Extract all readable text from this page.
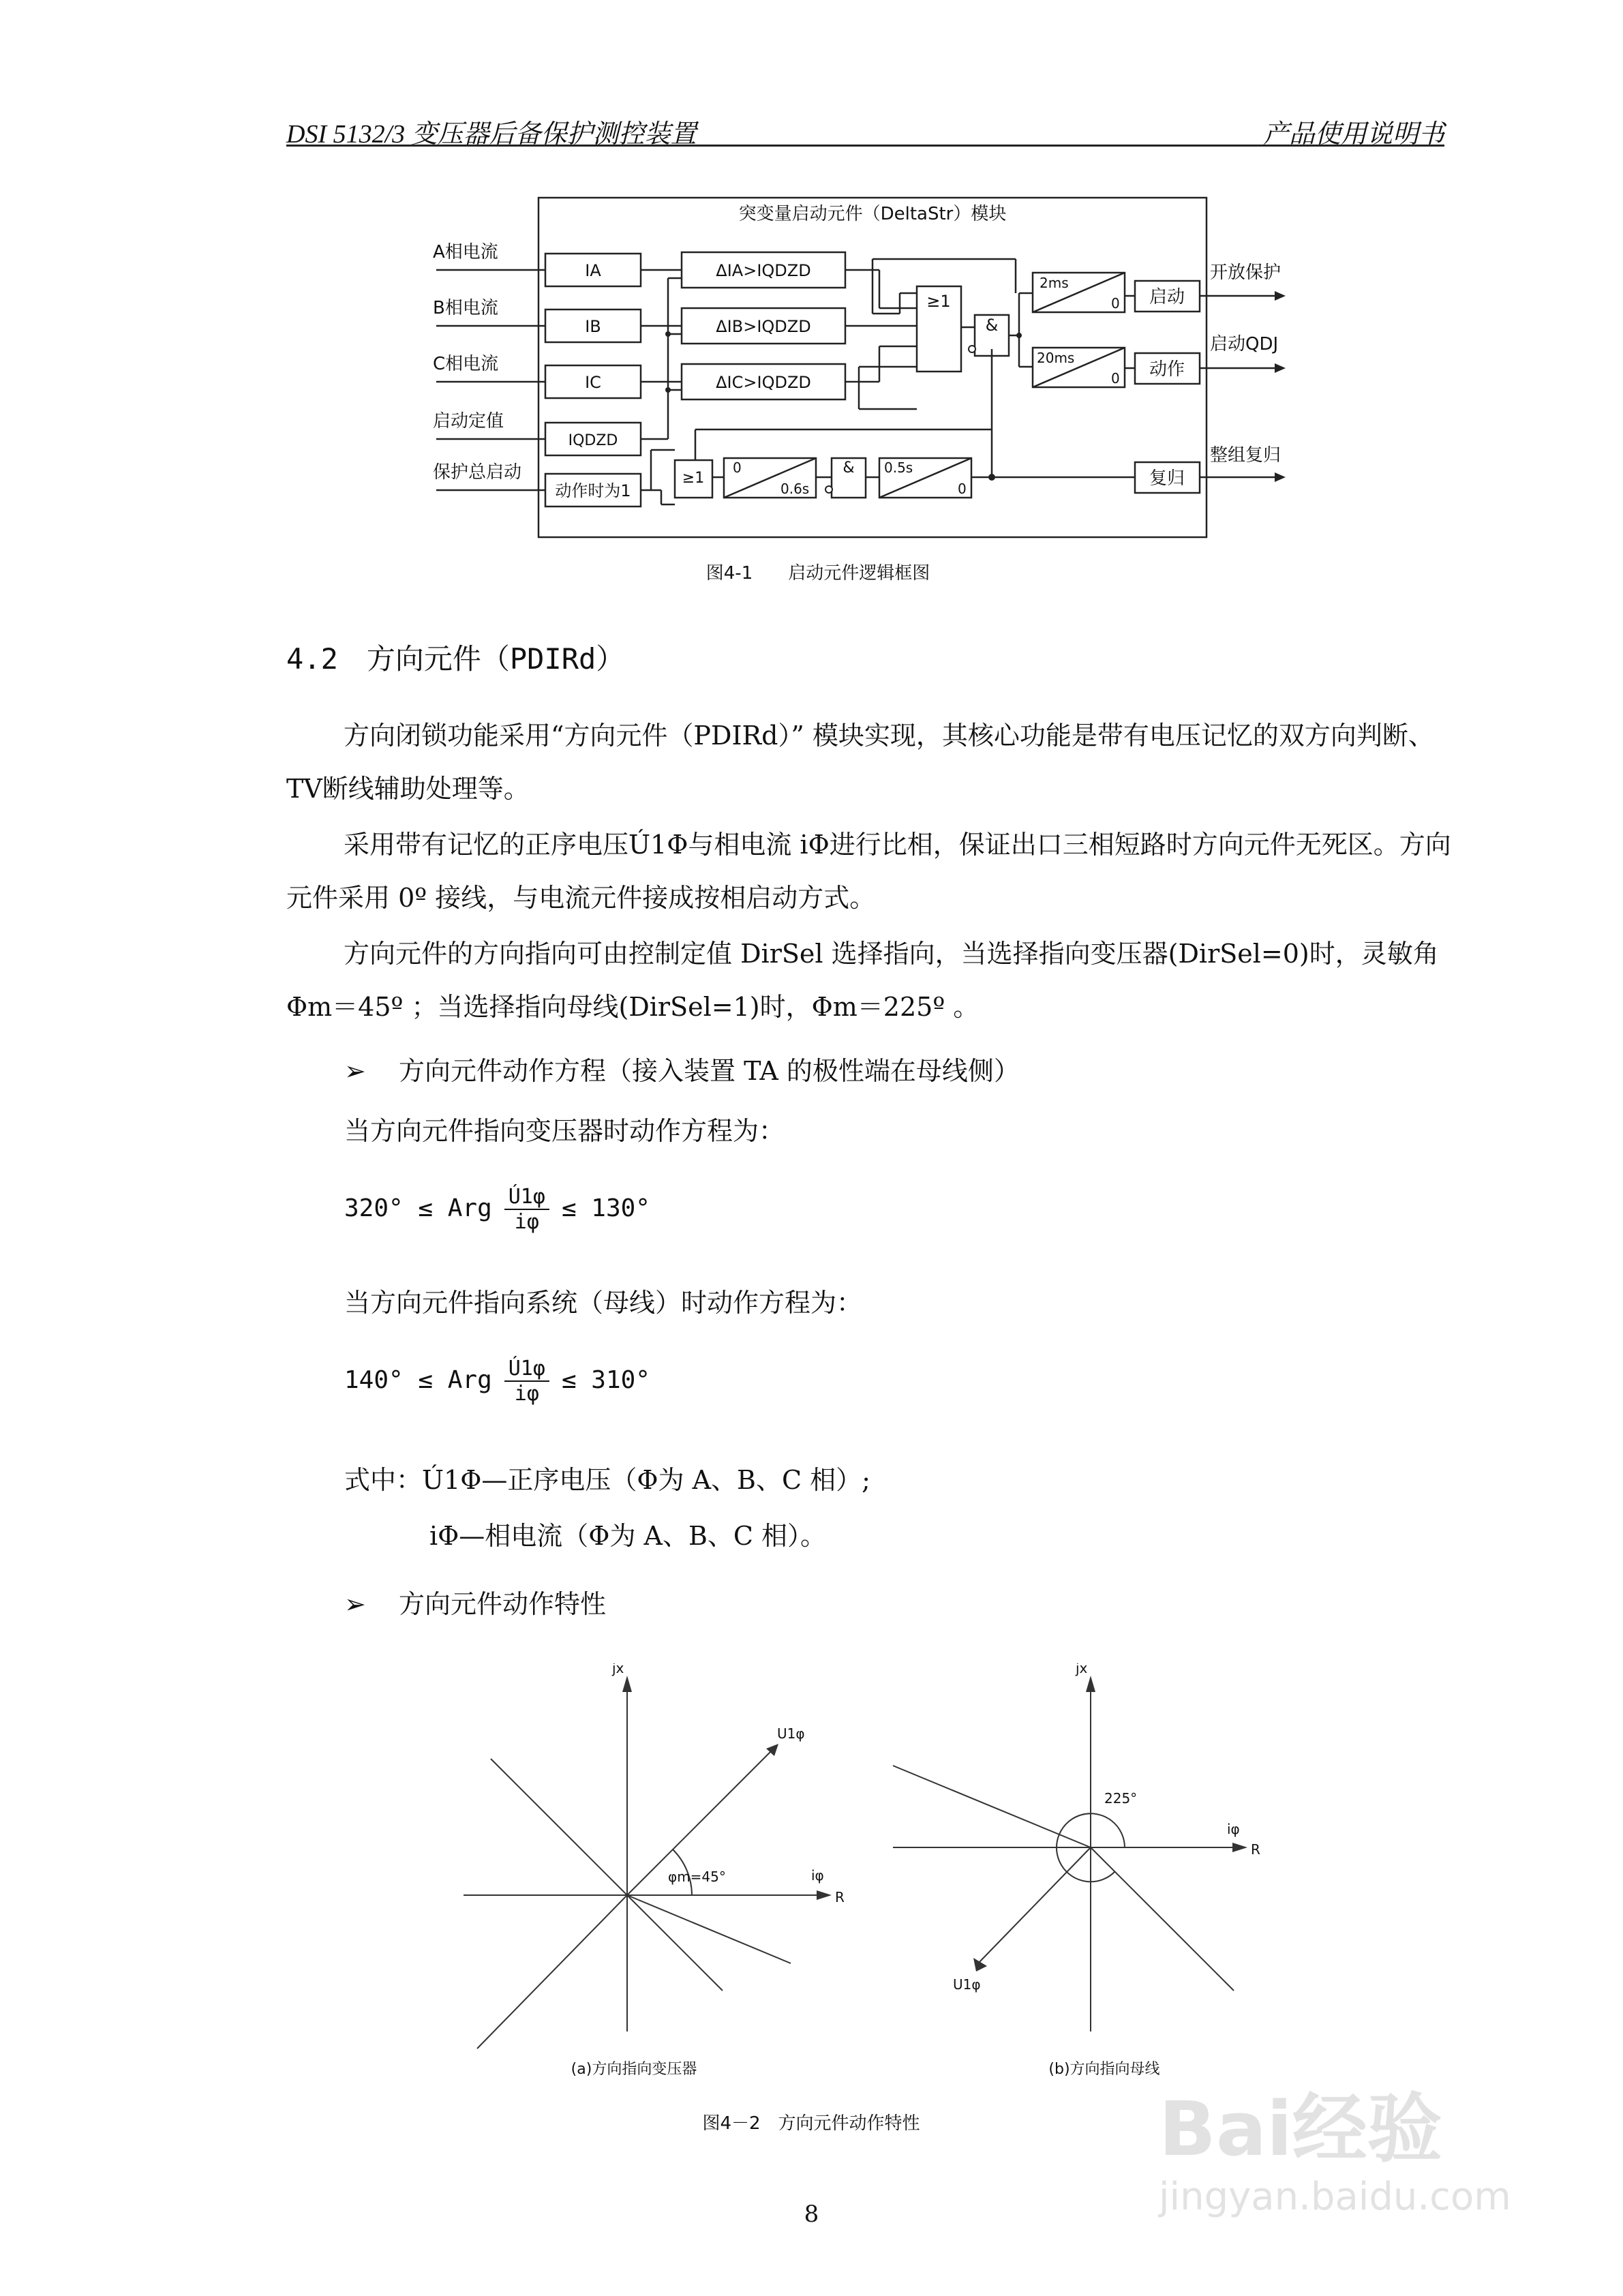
DSI 5132/3 变压器后备保护测控装置	产品使用说明书
突变量启动元件（DeltaStr）模块
A相电流
B相电流
C相电流
启动定值
保护总启动
IA
IB
IC
IQDZD
动作时为1
ΔIA>IQDZD
ΔIB>IQDZD
ΔIC>IQDZD
≥1
&
2ms
0
20ms
0
启动
动作
复归
开放保护
启动QDJ
整组复归
≥1
0
0.6s
& 0.5s
0
图4-1　　启动元件逻辑框图
4.2　方向元件（PDIRd）
方向闭锁功能采用“方向元件（PDIRd）” 模块实现，其核心功能是带有电压记忆的双方向判断、TV断线辅助处理等。
采用带有记忆的正序电压Ú1Φ与相电流 iΦ进行比相，保证出口三相短路时方向元件无死区。方向元件采用 0º 接线，与电流元件接成按相启动方式。
方向元件的方向指向可由控制定值 DirSel 选择指向，当选择指向变压器(DirSel=0)时，灵敏角Φm＝45º ；当选择指向母线(DirSel=1)时，Φm＝225º 。
➢ 方向元件动作方程（接入装置 TA 的极性端在母线侧）
当方向元件指向变压器时动作方程为：
320° ≤ Arg $\frac{Ú1\varphi}{i\varphi} \le 130^\circ$
当方向元件指向系统（母线）时动作方程为：
140° ≤ Arg $\frac{Ú1\varphi}{i\varphi} \le 310^\circ$
式中：Ú1Φ—正序电压（Φ为 A、B、C 相）;
iΦ—相电流（Φ为 A、B、C 相）。
➢ 方向元件动作特性
jx
U1φ
φm=45°	iφ
R
(a)方向指向变压器
jx
225°
iφ
R
U1φ
(b)方向指向母线
图4－2　方向元件动作特性
8
Bai经验
jingyan.baidu.com
